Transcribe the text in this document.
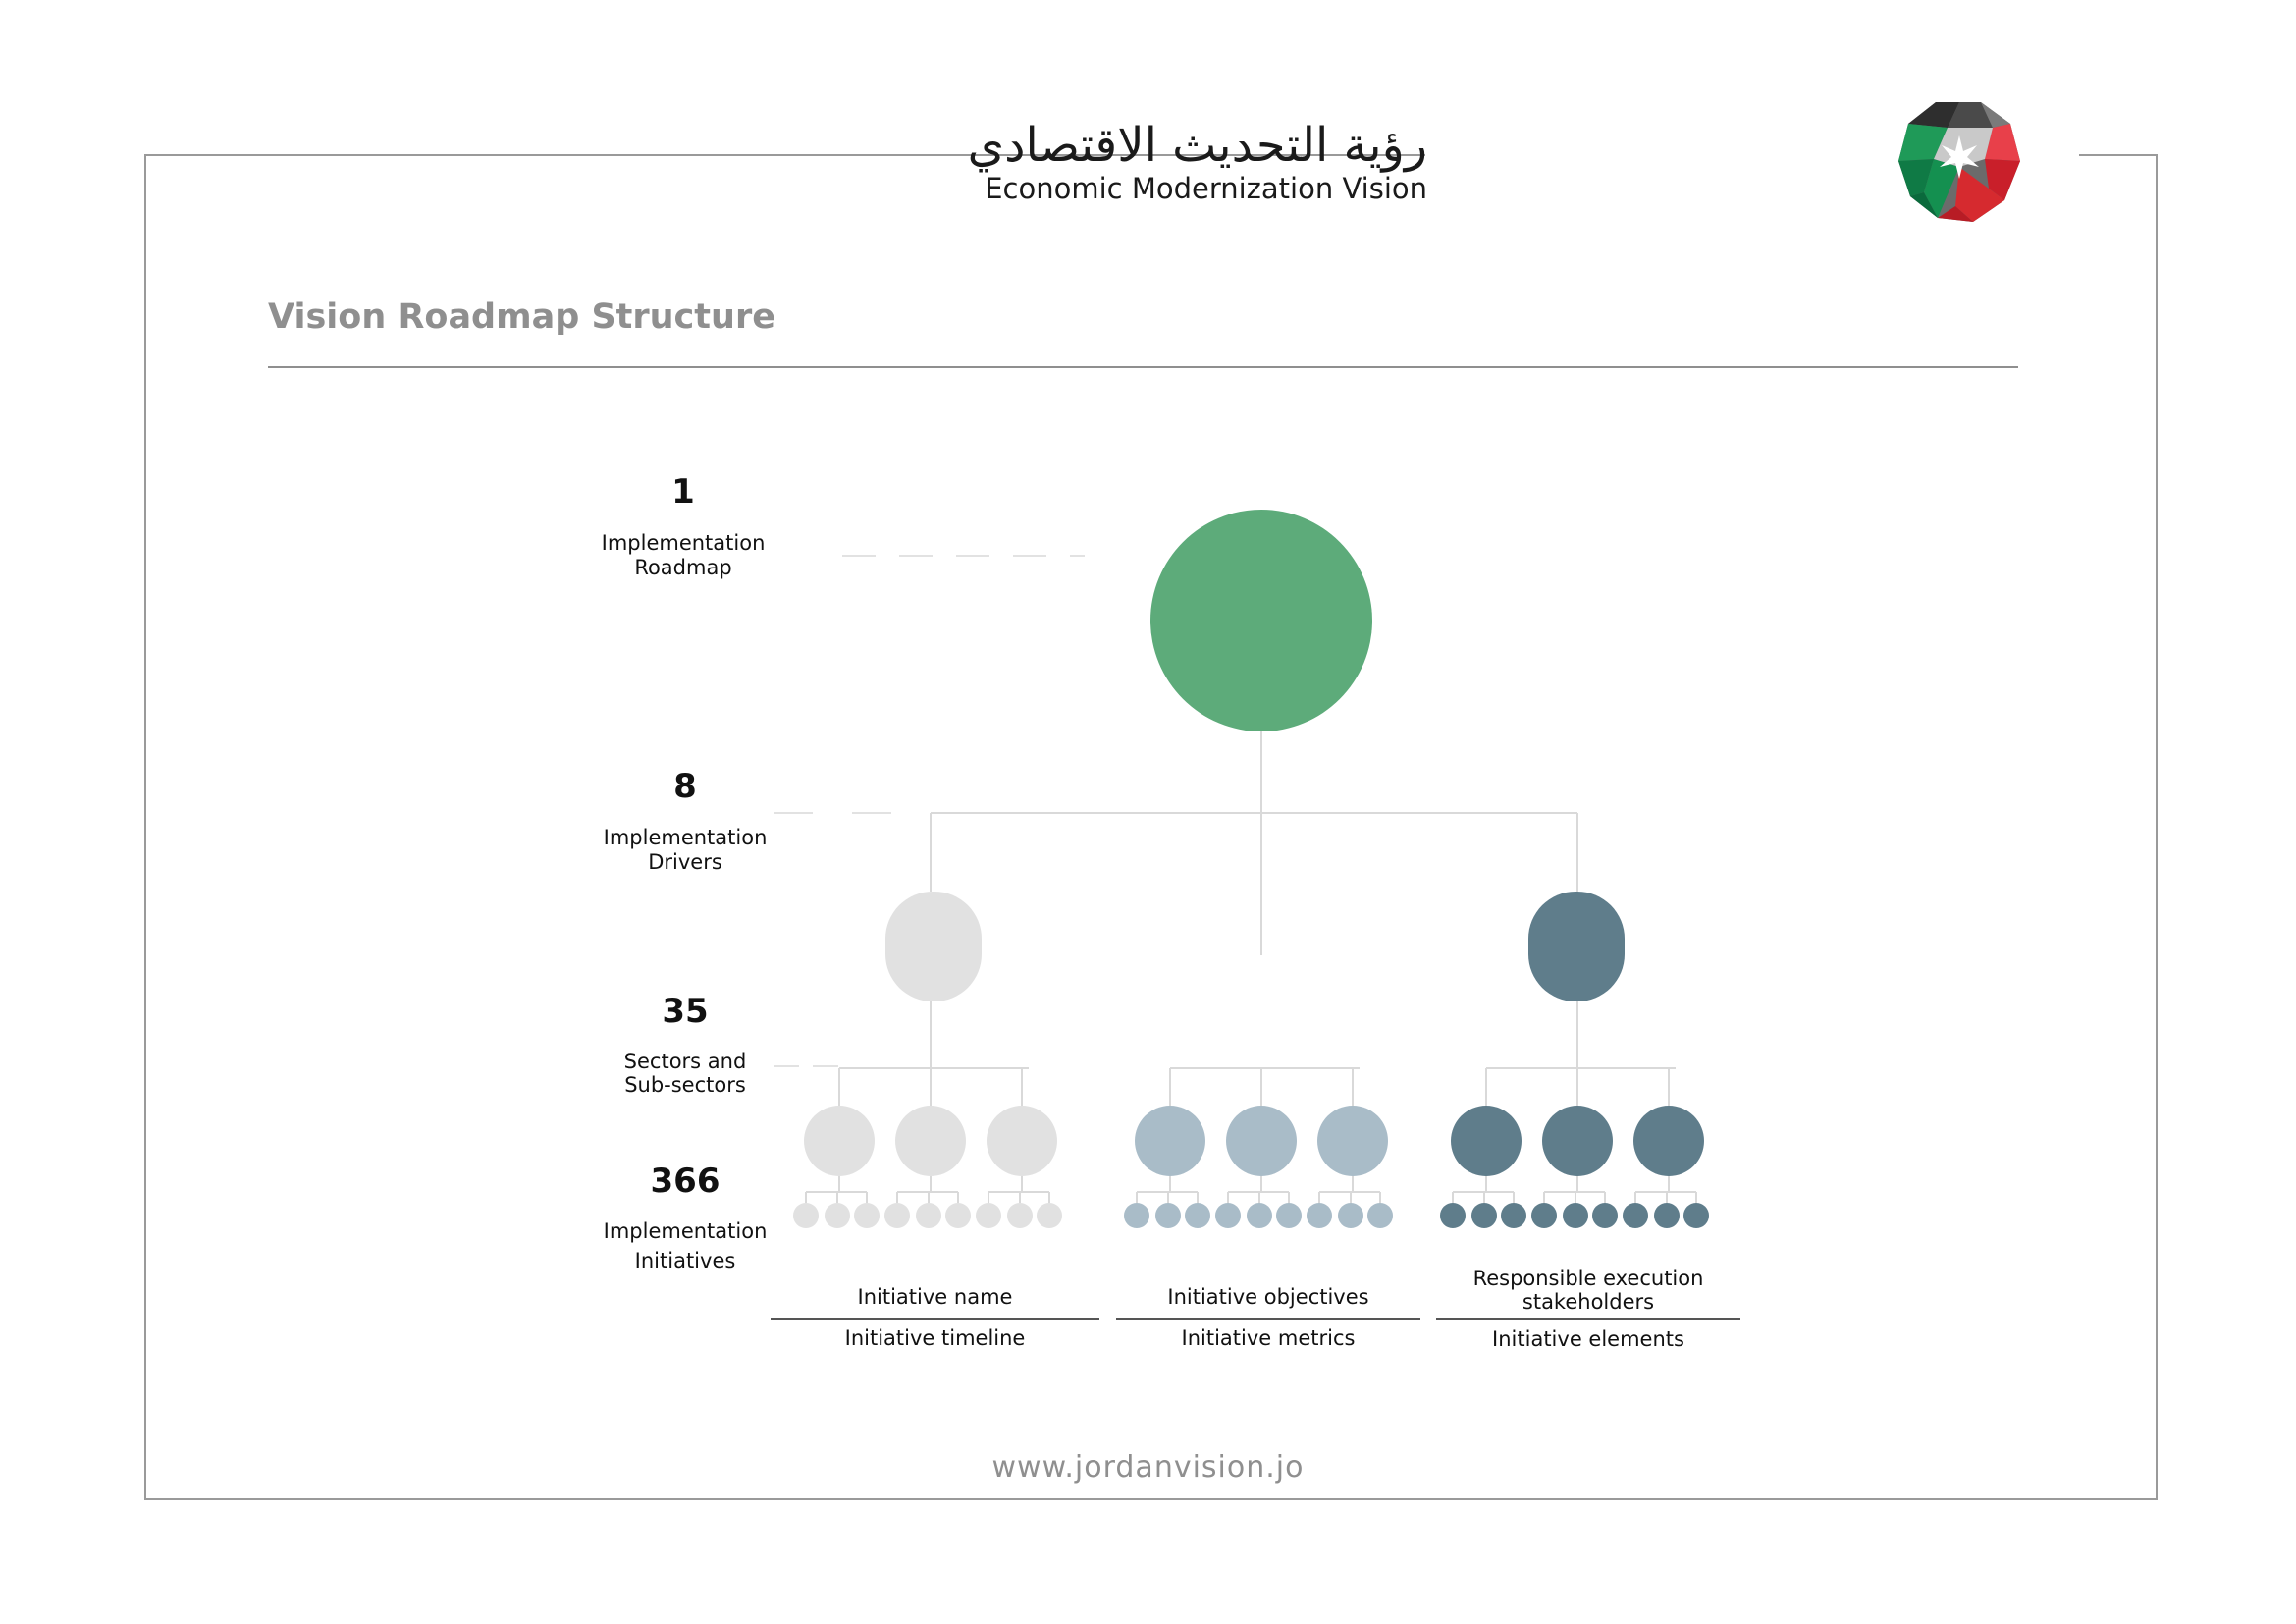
رؤية التحديث الاقتصادي
Economic Modernization Vision
Vision Roadmap Structure
1
Implementation
Roadmap
8
Implementation
Drivers
35
Sectors and
Sub-sectors
366
Implementation
Initiatives
Initiative name
Initiative timeline
Initiative objectives
Initiative metrics
Responsible execution
stakeholders
Initiative elements
www.jordanvision.jo
